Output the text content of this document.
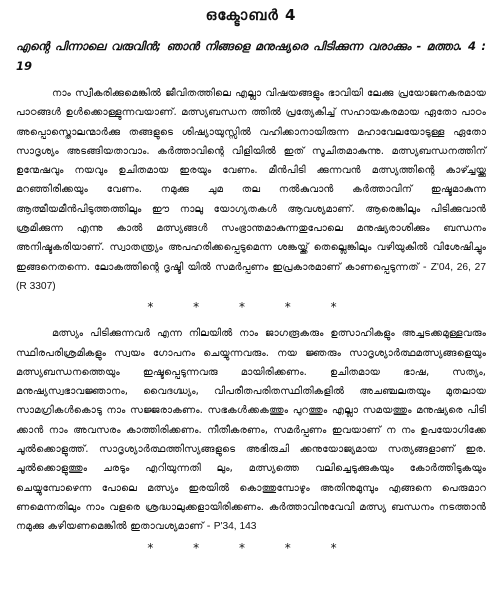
ഒക്ടോബർ 4
എന്റെ പിന്നാലെ വരുവിൻ; ഞാൻ നിങ്ങളെ മനുഷ്യരെ പിടിക്കുന്ന വരാക്കും - മത്താ. 4 : 19

നാം സ്വീകരിക്കുമെങ്കിൽ ജീവിതത്തിലെ എല്ലാ വിഷയങ്ങളും ഭാവിയി ലേക്കു പ്രയോജനകരമായ പാഠങ്ങൾ ഉൾക്കൊള്ളുന്നവയാണ്. മത്സ്യബന്ധന ത്തിൽ പ്രത്യേകിച്ച് സഹായകരമായ ഏതോ പാഠം അപ്പൊസ്തൊലന്മാർക്കു തങ്ങളുടെ ശിഷ്യായുസ്സിൽ വഹിക്കാനായിരുന്ന മഹാവേലയോടുള്ള ഏതോ സാദൃശ്യം അടങ്ങിയതാവാം. കർത്താവിന്റെ വിളിയിൽ ഇത് സൂചിതമാകുന്നു. മത്സ്യബന്ധനത്തിന് ഉന്മേഷവും നയവും ഉചിതമായ ഇരയും വേണം. മീൻപിടി ക്കുന്നവൻ മത്സ്യത്തിന്റെ കാഴ്ച്ചയ്ക്കു മറഞ്ഞിരിക്കയും വേണം. നമുക്കു ചുമ തല നൽകുവാൻ കർത്താവിന് ഇഷ്ടമാകുന്ന ആത്മീയമീൻപിടുത്തത്തിലും ഈ നാലു യോഗ്യതകൾ ആവശ്യമാണ്. ആരെങ്കിലും പിടിക്കുവാൻ ശ്രമിക്കുന്ന എന്നു കാൽ മത്സ്യങ്ങൾ സംഭ്രാന്തമാകുന്നതുപോലെ മനുഷ്യരാശിക്കും ബന്ധനം അനിഷ്ടകരിയാണ്. സ്വാതന്ത്ര്യം അപഹരിക്കപ്പെടുമെന്ന ശങ്കയ്ക്ക് തെല്ലെങ്കിലും വഴിയുകിൽ വിശേഷിച്ചും ഇങ്ങനെതന്നെ. ലോകത്തിന്റെ ദൃഷ്ടി യിൽ സമർപ്പണം ഇപ്രകാരമാണ് കാണപ്പെടുന്നത് - Z'04, 26, 27 (R 3307)

* * * * *

മത്സ്യം പിടിക്കുന്നവർ എന്ന നിലയിൽ നാം ജാഗരൂകരും ഉത്സാഹികളും അച്ചടക്കമുള്ളവരും സ്ഥിരപരിശ്രമികളും സ്വയം ഗോപനം ചെയ്യുന്നവരും. നയ ജ്ഞരും സാദൃശ്യാർത്ഥമത്സ്യങ്ങളെയും മത്സ്യബന്ധനത്തെയും ഇഷ്ടപ്പെടുന്നവരു മായിരിക്കണം. ഉചിതമായ ഭാഷ, സത്യം, മനുഷ്യസ്വഭാവജ്ഞാനം, വൈദഗ്ദ്ധ്യം, വിപരീതപരിതസ്ഥിതികളിൽ അചഞ്ചലതയും മുതലായ സാമഗ്രികൾകൊടു നാം സജ്ജരാകണം. സഭകൾക്കകത്തും പുറത്തും എല്ലാ സമയത്തും മനുഷ്യരെ പിടി ക്കാൻ നാം അവസരം കാത്തിരിക്കണം. നീതീകരണം, സമർപ്പണം ഇവയാണ് ന നം ഉപയോഗിക്കേ ചൂൽക്കൊളുത്ത്. സാദൃശ്യാർത്ഥത്തിസ്യങ്ങളുടെ അഭിരുചി ക്കനുയോജ്യമായ സത്യങ്ങളാണ് ഇര. ചൂൽക്കൊളുത്തും ചരടും എറിയുന്നതി ലും, മത്സ്യത്തെ വലിച്ചെടുക്കുകയും കോർത്തിടുകയും ചെയ്യുമ്പോഴെന്ന പോലെ മത്സ്യം ഇരയിൽ കൊത്തുമ്പോഴും അതിനുമുമ്പും എങ്ങനെ പെരുമാറ ണമെന്നതിലും നാം വളരെ ശ്രദ്ധാലുക്കളായിരിക്കണം. കർത്താവിനുവേവി മത്സ്യ ബന്ധനം നടത്താൻ നമുക്കു കഴിയണമെങ്കിൽ ഇതാവശ്യമാണ് - P'34, 143

* * * * *
